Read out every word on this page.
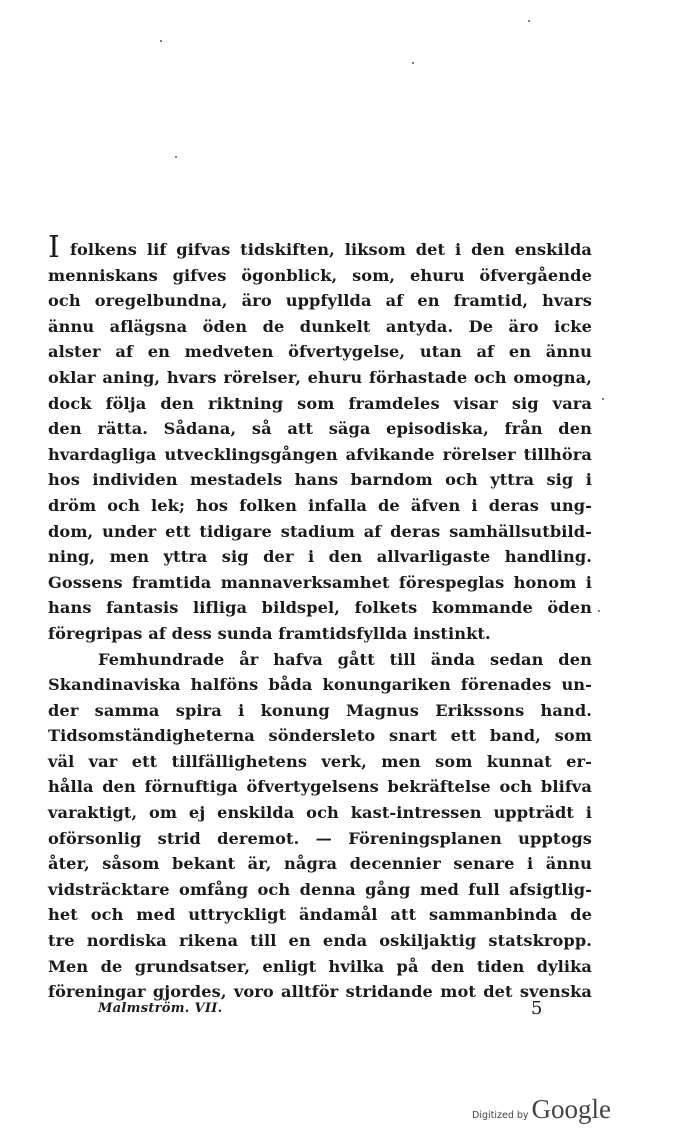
Ifolkens lif gifvas tidskiften, liksom det i den enskilda
menniskans gifves ögonblick, som, ehuru öfvergående
och oregelbundna, äro uppfyllda af en framtid, hvars
ännu aflägsna öden de dunkelt antyda. De äro icke
alster af en medveten öfvertygelse, utan af en ännu
oklar aning, hvars rörelser, ehuru förhastade och omogna,
dock följa den riktning som framdeles visar sig vara
den rätta. Sådana, så att säga episodiska, från den
hvardagliga utvecklingsgången afvikande rörelser tillhöra
hos individen mestadels hans barndom och yttra sig i
dröm och lek; hos folken infalla de äfven i deras ung-
dom, under ett tidigare stadium af deras samhällsutbild-
ning, men yttra sig der i den allvarligaste handling.
Gossens framtida mannaverksamhet förespeglas honom i
hans fantasis lifliga bildspel, folkets kommande öden
föregripas af dess sunda framtidsfyllda instinkt.
Femhundrade år hafva gått till ända sedan den
Skandinaviska halföns båda konungariken förenades un-
der samma spira i konung Magnus Erikssons hand.
Tidsomständigheterna söndersleto snart ett band, som
väl var ett tillfällighetens verk, men som kunnat er-
hålla den förnuftiga öfvertygelsens bekräftelse och blifva
varaktigt, om ej enskilda och kast-intressen uppträdt i
oförsonlig strid deremot. — Föreningsplanen upptogs
åter, såsom bekant är, några decennier senare i ännu
vidsträcktare omfång och denna gång med full afsigtlig-
het och med uttryckligt ändamål att sammanbinda de
tre nordiska rikena till en enda oskiljaktig statskropp.
Men de grundsatser, enligt hvilka på den tiden dylika
föreningar gjordes, voro alltför stridande mot det svenska
Malmström. VII.	5
Digitized by Google
